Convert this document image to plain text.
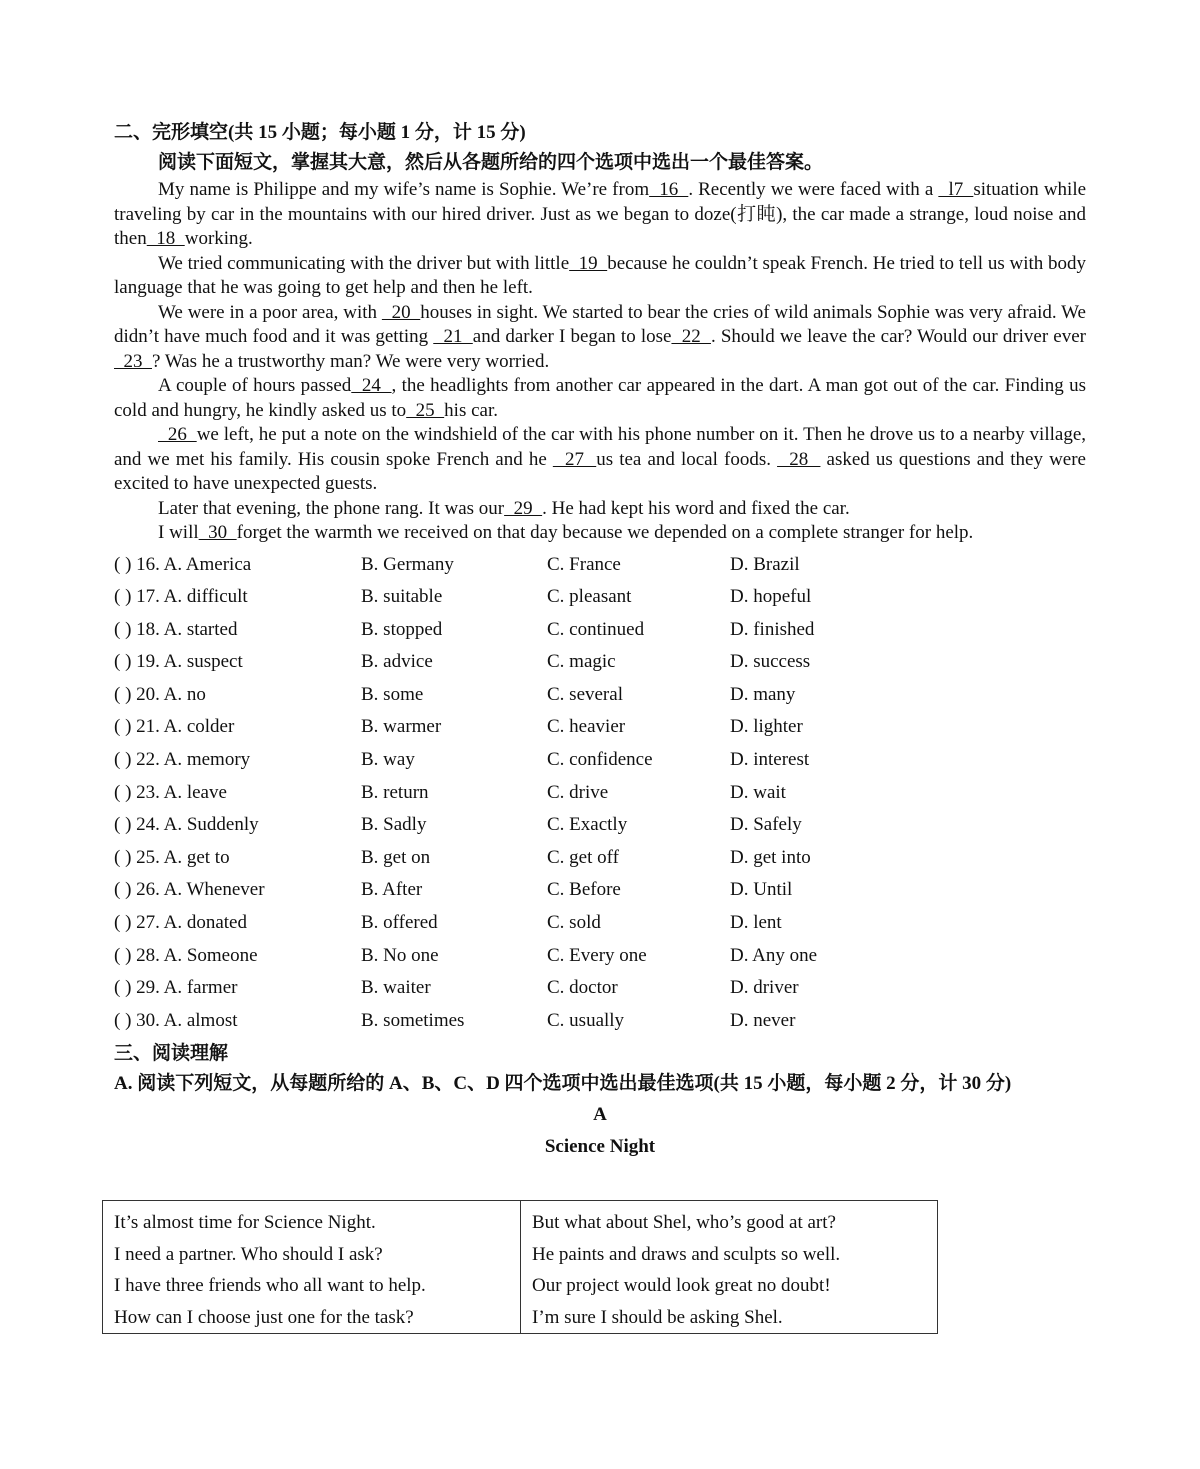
二、完形填空(共 15 小题；每小题 1 分，计 15 分)
阅读下面短文，掌握其大意，然后从各题所给的四个选项中选出一个最佳答案。
My name is Philippe and my wife’s name is Sophie. We’re from  16  . Recently we were faced with a   l7  situation while traveling by car in the mountains with our hired driver. Just as we began to doze(打盹), the car made a strange, loud noise and then  18  working.
We tried communicating with the driver but with little  19  because he couldn’t speak French. He tried to tell us with body language that he was going to get help and then he left.
We were in a poor area, with   20  houses in sight. We started to bear the cries of wild animals Sophie was very afraid. We didn’t have much food and it was getting   21  and darker I began to lose  22  . Should we leave the car? Would our driver ever  23  ? Was he a trustworthy man? We were very worried.
A couple of hours passed  24  , the headlights from another car appeared in the dart. A man got out of the car. Finding us cold and hungry, he kindly asked us to  25  his car.
26  we left, he put a note on the windshield of the car with his phone number on it. Then he drove us to a nearby village, and we met his family. His cousin spoke French and he   27  us tea and local foods.   28   asked us questions and they were excited to have unexpected guests.
Later that evening, the phone rang. It was our  29  . He had kept his word and fixed the car.
I will  30  forget the warmth we received on that day because we depended on a complete stranger for help.
( ) 16. A. America	B. Germany	C. France	D. Brazil
( ) 17. A. difficult	B. suitable	C. pleasant	D. hopeful
( ) 18. A. started	B. stopped	C. continued	D. finished
( ) 19. A. suspect	B. advice	C. magic	D. success
( ) 20. A. no	B. some	C. several	D. many
( ) 21. A. colder	B. warmer	C. heavier	D. lighter
( ) 22. A. memory	B. way	C. confidence	D. interest
( ) 23. A. leave	B. return	C. drive	D. wait
( ) 24. A. Suddenly	B. Sadly	C. Exactly	D. Safely
( ) 25. A. get to	B. get on	C. get off	D. get into
( ) 26. A. Whenever	B. After	C. Before	D. Until
( ) 27. A. donated	B. offered	C. sold	D. lent
( ) 28. A. Someone	B. No one	C. Every one	D. Any one
( ) 29. A. farmer	B. waiter	C. doctor	D. driver
( ) 30. A. almost	B. sometimes	C. usually	D. never
三、阅读理解
A. 阅读下列短文，从每题所给的 A、B、C、D 四个选项中选出最佳选项(共 15 小题，每小题 2 分，计 30 分)
A
Science Night
It’s almost time for Science Night.
I need a partner. Who should I ask?
I have three friends who all want to help.
How can I choose just one for the task?
But what about Shel, who’s good at art?
He paints and draws and sculpts so well.
Our project would look great no doubt!
I’m sure I should be asking Shel.
